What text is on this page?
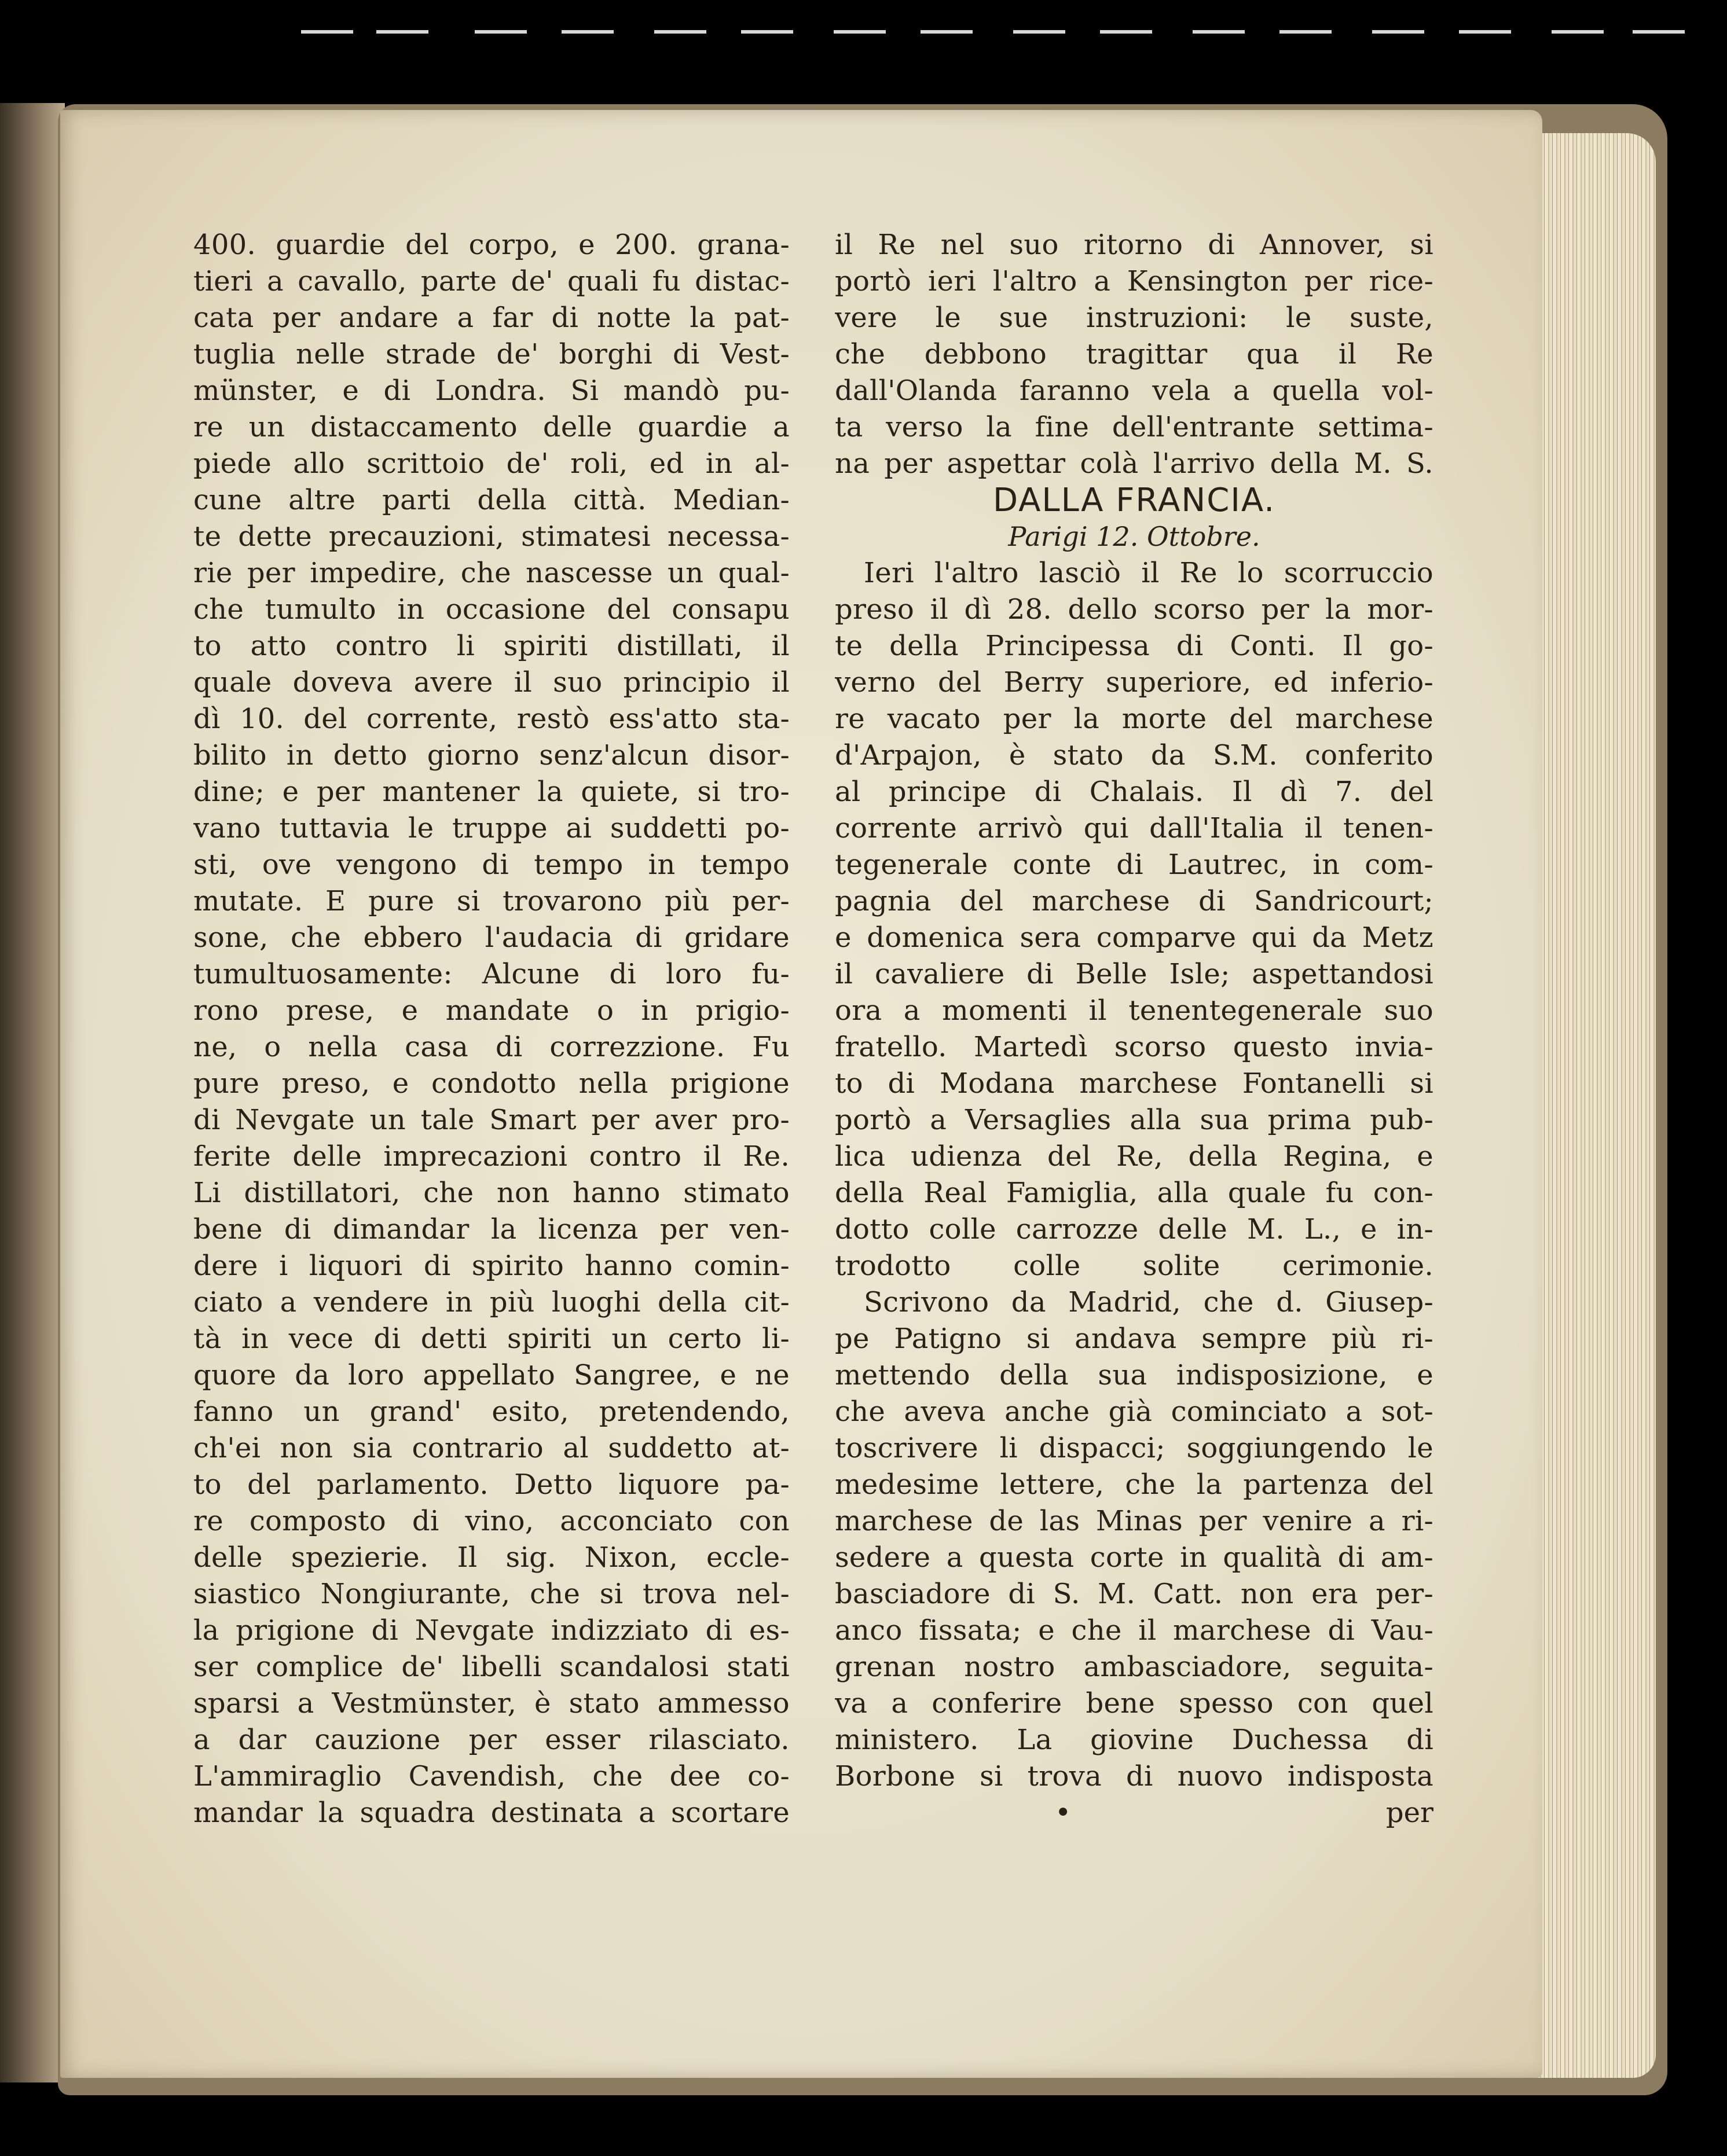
400. guardie del corpo, e 200. grana-
tieri a cavallo, parte de' quali fu distac-
cata per andare a far di notte la pat-
tuglia nelle strade de' borghi di Vest-
münster, e di Londra. Si mandò pu-
re un distaccamento delle guardie a
piede allo scrittoio de' roli, ed in al-
cune altre parti della città. Median-
te dette precauzioni, stimatesi necessa-
rie per impedire, che nascesse un qual-
che tumulto in occasione del consapu
to atto contro li spiriti distillati, il
quale doveva avere il suo principio il
dì 10. del corrente, restò ess'atto sta-
bilito in detto giorno senz'alcun disor-
dine; e per mantener la quiete, si tro-
vano tuttavia le truppe ai suddetti po-
sti, ove vengono di tempo in tempo
mutate. E pure si trovarono più per-
sone, che ebbero l'audacia di gridare
tumultuosamente: Alcune di loro fu-
rono prese, e mandate o in prigio-
ne, o nella casa di correzzione. Fu
pure preso, e condotto nella prigione
di Nevgate un tale Smart per aver pro-
ferite delle imprecazioni contro il Re.
Li distillatori, che non hanno stimato
bene di dimandar la licenza per ven-
dere i liquori di spirito hanno comin-
ciato a vendere in più luoghi della cit-
tà in vece di detti spiriti un certo li-
quore da loro appellato Sangree, e ne
fanno un grand' esito, pretendendo,
ch'ei non sia contrario al suddetto at-
to del parlamento. Detto liquore pa-
re composto di vino, acconciato con
delle spezierie. Il sig. Nixon, eccle-
siastico Nongiurante, che si trova nel-
la prigione di Nevgate indizziato di es-
ser complice de' libelli scandalosi stati
sparsi a Vestmünster, è stato ammesso
a dar cauzione per esser rilasciato.
L'ammiraglio Cavendish, che dee co-
mandar la squadra destinata a scortare
il Re nel suo ritorno di Annover, si
portò ieri l'altro a Kensington per rice-
vere le sue instruzioni: le suste,
che debbono tragittar qua il Re
dall'Olanda faranno vela a quella vol-
ta verso la fine dell'entrante settima-
na per aspettar colà l'arrivo della M. S.
DALLA FRANCIA.
Parigi 12. Ottobre.
Ieri l'altro lasciò il Re lo scorruccio
preso il dì 28. dello scorso per la mor-
te della Principessa di Conti. Il go-
verno del Berry superiore, ed inferio-
re vacato per la morte del marchese
d'Arpajon, è stato da S.M. conferito
al principe di Chalais. Il dì 7. del
corrente arrivò qui dall'Italia il tenen-
tegenerale conte di Lautrec, in com-
pagnia del marchese di Sandricourt;
e domenica sera comparve qui da Metz
il cavaliere di Belle Isle; aspettandosi
ora a momenti il tenentegenerale suo
fratello. Martedì scorso questo invia-
to di Modana marchese Fontanelli si
portò a Versaglies alla sua prima pub-
lica udienza del Re, della Regina, e
della Real Famiglia, alla quale fu con-
dotto colle carrozze delle M. L., e in-
trodotto colle solite cerimonie.
Scrivono da Madrid, che d. Giusep-
pe Patigno si andava sempre più ri-
mettendo della sua indisposizione, e
che aveva anche già cominciato a sot-
toscrivere li dispacci; soggiungendo le
medesime lettere, che la partenza del
marchese de las Minas per venire a ri-
sedere a questa corte in qualità di am-
basciadore di S. M. Catt. non era per-
anco fissata; e che il marchese di Vau-
grenan nostro ambasciadore, seguita-
va a conferire bene spesso con quel
ministero. La giovine Duchessa di
Borbone si trova di nuovo indisposta
•	per
